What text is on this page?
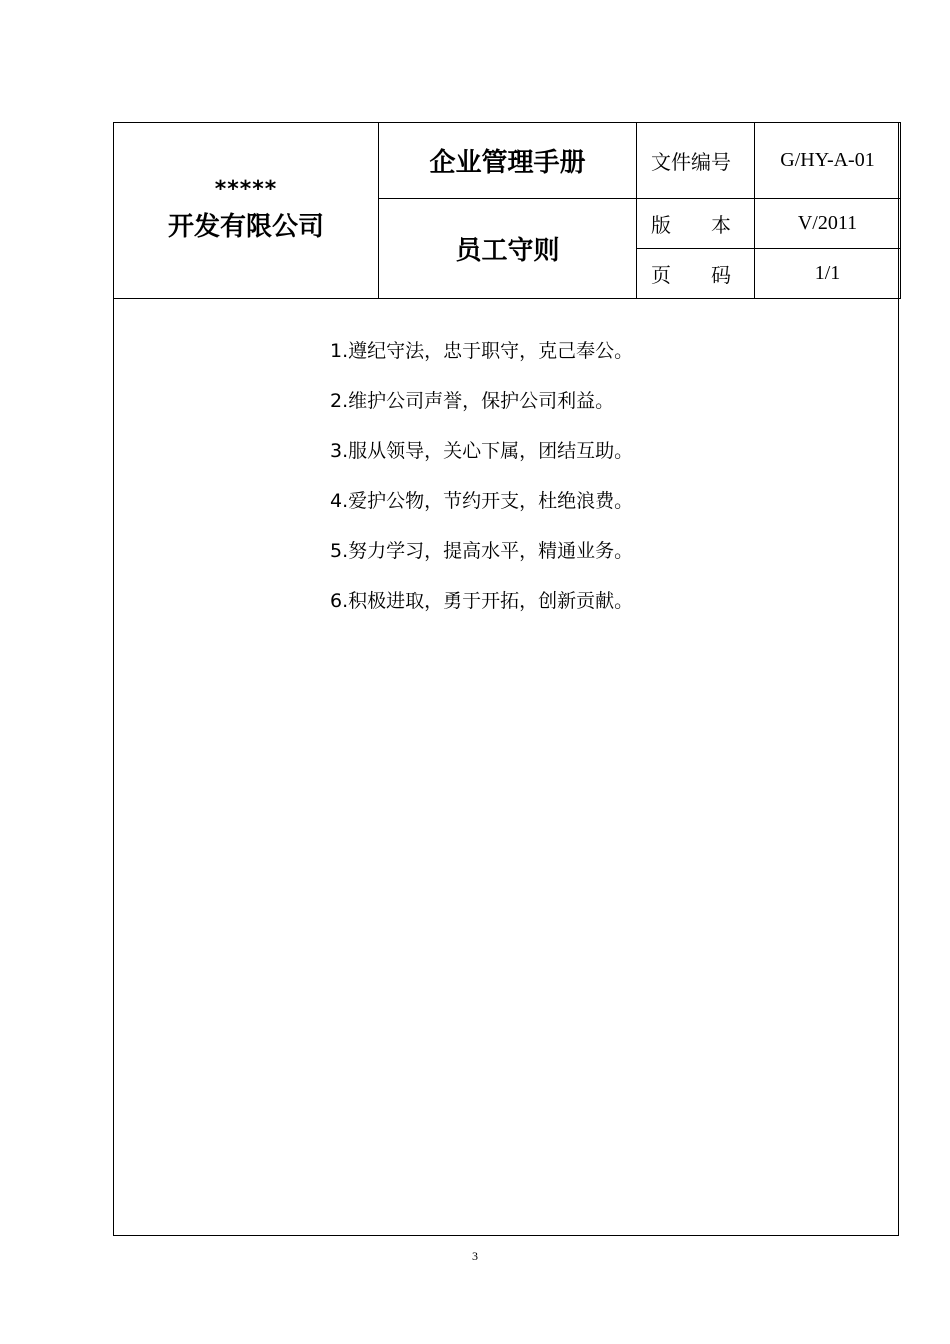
*****
开发有限公司	企业管理手册	文件编号	G/HY-A-01
	员工守则	版　　本	V/2011
		页　　码	1/1
1.遵纪守法，忠于职守，克己奉公。
2.维护公司声誉，保护公司利益。
3.服从领导，关心下属，团结互助。
4.爱护公物，节约开支，杜绝浪费。
5.努力学习，提高水平，精通业务。
6.积极进取，勇于开拓，创新贡献。
3
